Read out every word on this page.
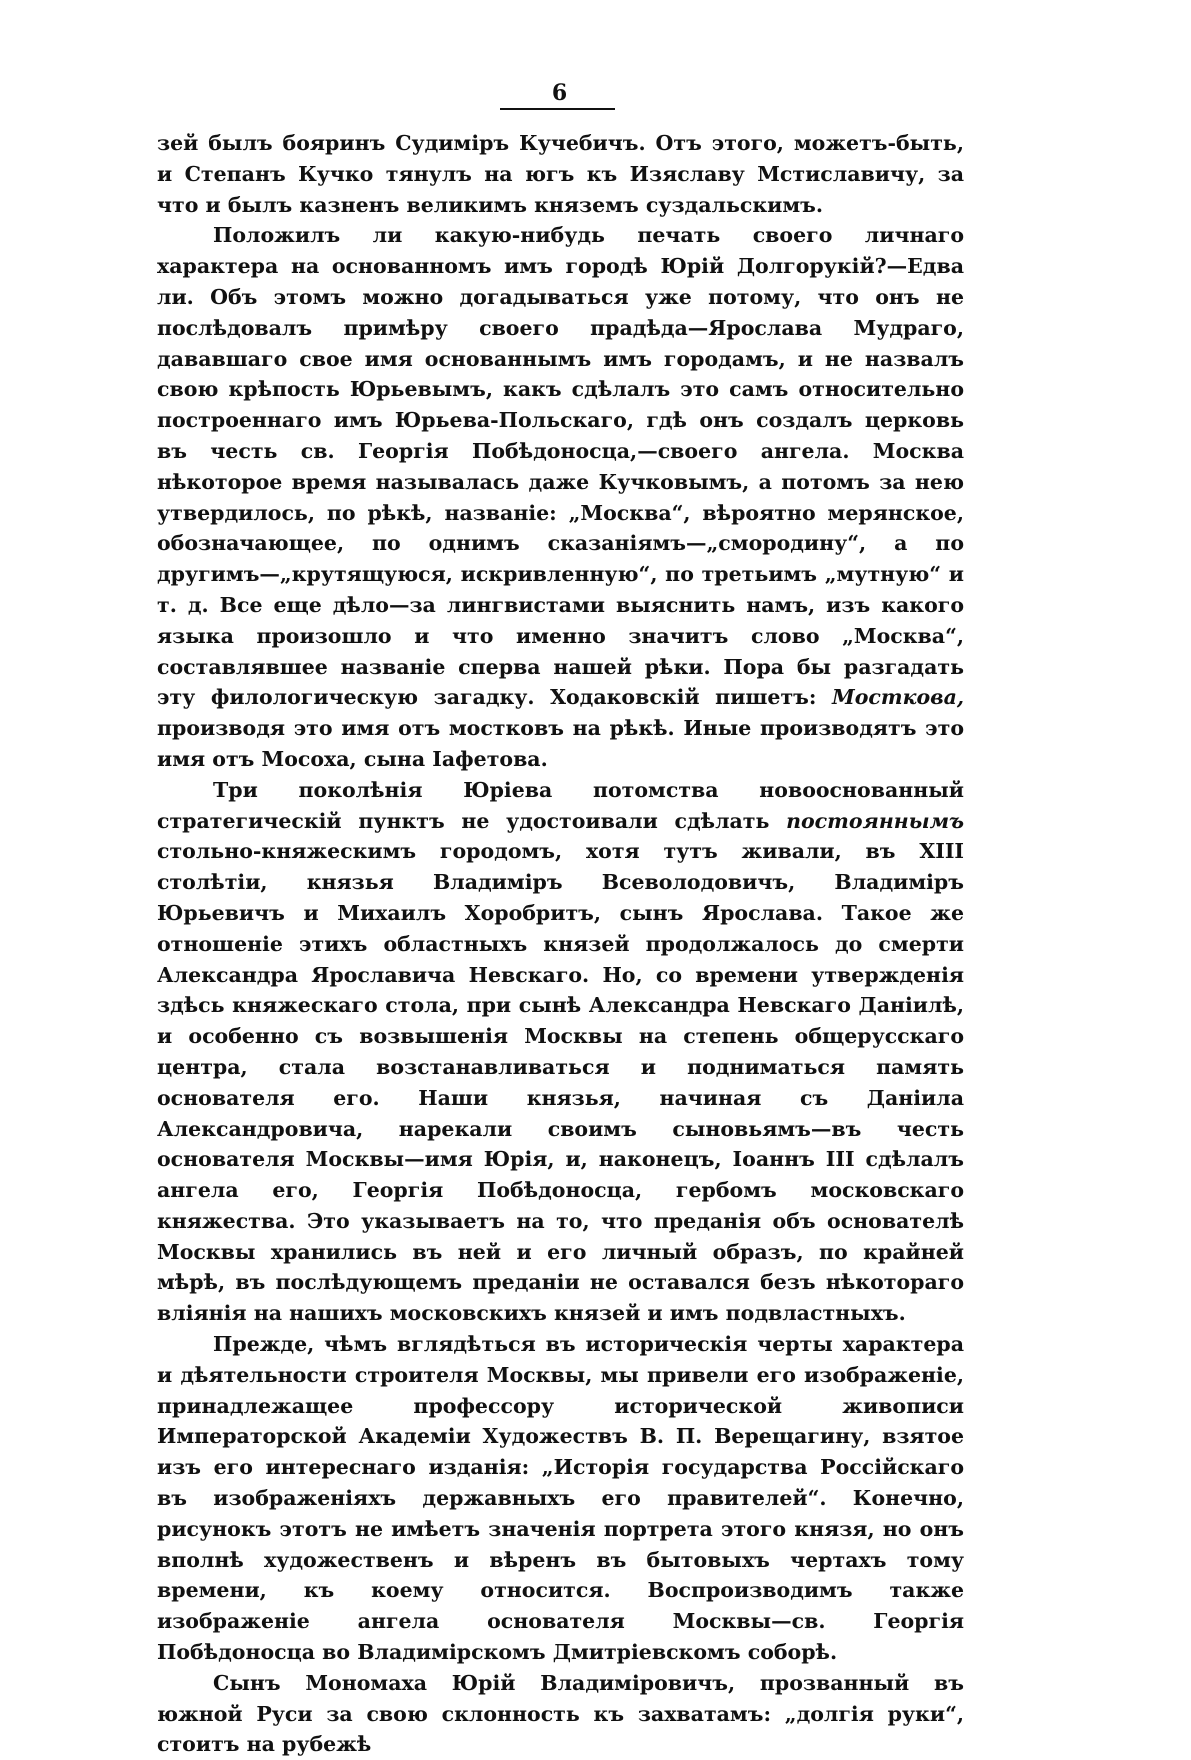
6

зей былъ бояринъ Судиміръ Кучебичъ. Отъ этого, можетъ-быть, и Степанъ Кучко тянулъ на югъ къ Изяславу Мстиславичу, за что и былъ казненъ великимъ княземъ суздальскимъ.

Положилъ ли какую-нибудь печать своего личнаго характера на основанномъ имъ городѣ Юрій Долгорукій?—Едва ли. Объ этомъ можно догадываться уже потому, что онъ не послѣдовалъ примѣру своего прадѣда—Ярослава Мудраго, дававшаго свое имя основаннымъ имъ городамъ, и не назвалъ свою крѣпость Юрьевымъ, какъ сдѣлалъ это самъ относительно построеннаго имъ Юрьева-Польскаго, гдѣ онъ создалъ церковь въ честь св. Георгія Побѣдоносца,—своего ангела. Москва нѣкоторое время называлась даже Кучковымъ, а потомъ за нею утвердилось, по рѣкѣ, названіе: „Москва“, вѣроятно мерянское, обозначающее, по однимъ сказаніямъ—„смородину“, а по другимъ—„крутящуюся, искривленную“, по третьимъ „мутную“ и т. д. Все еще дѣло—за лингвистами выяснить намъ, изъ какого языка произошло и что именно значитъ слово „Москва“, составлявшее названіе сперва нашей рѣки. Пора бы разгадать эту филологическую загадку. Ходаковскій пишетъ: Мосткова, производя это имя отъ мостковъ на рѣкѣ. Иные производятъ это имя отъ Мосоха, сына Іафетова.

Три поколѣнія Юріева потомства новооснованный стратегическій пунктъ не удостоивали сдѣлать постояннымъ стольно-княжескимъ городомъ, хотя тутъ живали, въ XIII столѣтіи, князья Владиміръ Всеволодовичъ, Владиміръ Юрьевичъ и Михаилъ Хоробритъ, сынъ Ярослава. Такое же отношеніе этихъ областныхъ князей продолжалось до смерти Александра Ярославича Невскаго. Но, со времени утвержденія здѣсь княжескаго стола, при сынѣ Александра Невскаго Даніилѣ, и особенно съ возвышенія Москвы на степень общерусскаго центра, стала возстанавливаться и подниматься память основателя его. Наши князья, начиная съ Даніила Александровича, нарекали своимъ сыновьямъ—въ честь основателя Москвы—имя Юрія, и, наконецъ, Іоаннъ III сдѣлалъ ангела его, Георгія Побѣдоносца, гербомъ московскаго княжества. Это указываетъ на то, что преданія объ основателѣ Москвы хранились въ ней и его личный образъ, по крайней мѣрѣ, въ послѣдующемъ преданіи не оставался безъ нѣкотораго вліянія на нашихъ московскихъ князей и имъ подвластныхъ.

Прежде, чѣмъ вглядѣться въ историческія черты характера и дѣятельности строителя Москвы, мы привели его изображеніе, принадлежащее профессору исторической живописи Императорской Академіи Художествъ В. П. Верещагину, взятое изъ его интереснаго изданія: „Исторія государства Россійскаго въ изображеніяхъ державныхъ его правителей“. Конечно, рисунокъ этотъ не имѣетъ значенія портрета этого князя, но онъ вполнѣ художественъ и вѣренъ въ бытовыхъ чертахъ тому времени, къ коему относится. Воспроизводимъ также изображеніе ангела основателя Москвы—св. Георгія Побѣдоносца во Владимірскомъ Дмитріевскомъ соборѣ.

Сынъ Мономаха Юрій Владиміровичъ, прозванный въ южной Руси за свою склонность къ захватамъ: „долгія руки“, стоитъ на рубежѣ
